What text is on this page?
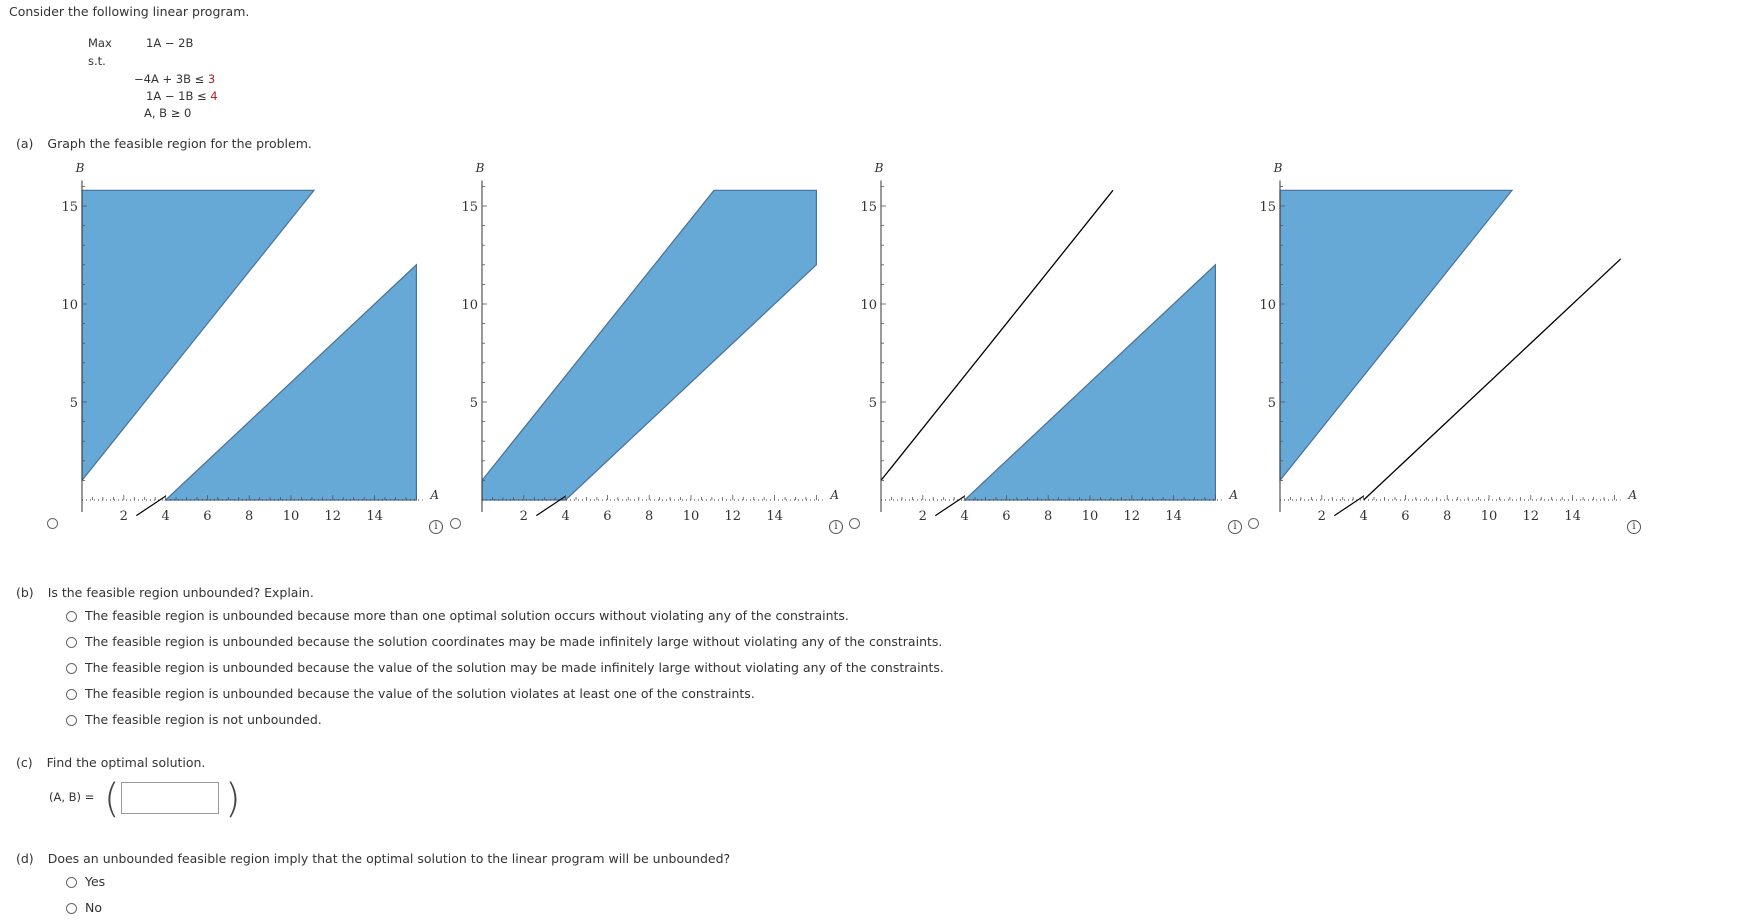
Consider the following linear program.
Max	1A − 2B
s.t.
−4A + 3B ≤ 3
1A − 1B ≤ 4
A, B ≥ 0
(a) Graph the feasible region for the problem.
2	4	6	8 10 12 14
5
10
15
B
A
2	4	6	8 10 12 14
5
10
15
B
A
2	4	6	8 10 12 14
5
10
15
B
A
2	4	6	8 10 12 14
5
10
15
B
A
i	i	i	i
(b) Is the feasible region unbounded? Explain.
The feasible region is unbounded because more than one optimal solution occurs without violating any of the constraints.
The feasible region is unbounded because the solution coordinates may be made infinitely large without violating any of the constraints.
The feasible region is unbounded because the value of the solution may be made infinitely large without violating any of the constraints.
The feasible region is unbounded because the value of the solution violates at least one of the constraints.
The feasible region is not unbounded.
(c) Find the optimal solution.
(A, B) = (	)
(d) Does an unbounded feasible region imply that the optimal solution to the linear program will be unbounded?
Yes
No
